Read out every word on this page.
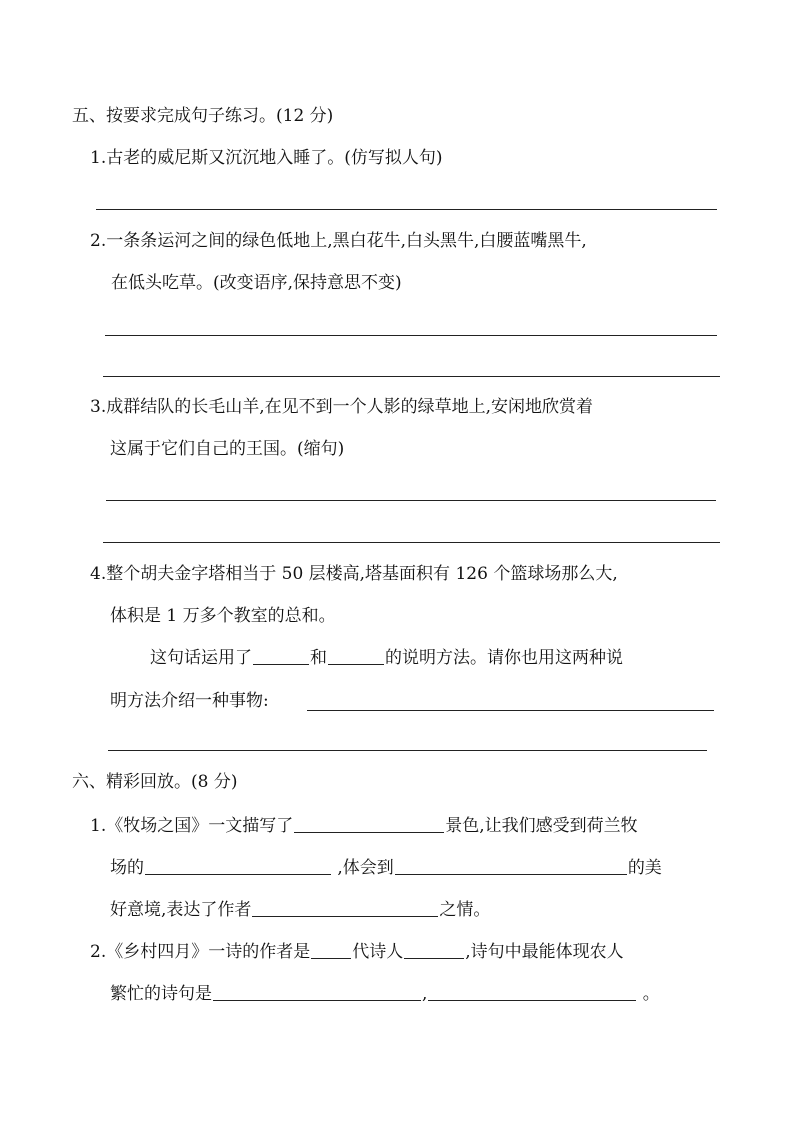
五、按要求完成句子练习。(12 分)
1.古老的威尼斯又沉沉地入睡了。(仿写拟人句)
2.一条条运河之间的绿色低地上,黑白花牛,白头黑牛,白腰蓝嘴黑牛,
在低头吃草。(改变语序,保持意思不变)
3.成群结队的长毛山羊,在见不到一个人影的绿草地上,安闲地欣赏着
这属于它们自己的王国。(缩句)
4.整个胡夫金字塔相当于 50 层楼高,塔基面积有 126 个篮球场那么大,
体积是 1 万多个教室的总和。
这句话运用了	和	的说明方法。请你也用这两种说
明方法介绍一种事物:
六、精彩回放。(8 分)
1.《牧场之国》一文描写了	景色,让我们感受到荷兰牧
场的	,体会到	的美
好意境,表达了作者	之情。
2.《乡村四月》一诗的作者是 代诗人	,诗句中最能体现农人
繁忙的诗句是	,	。
